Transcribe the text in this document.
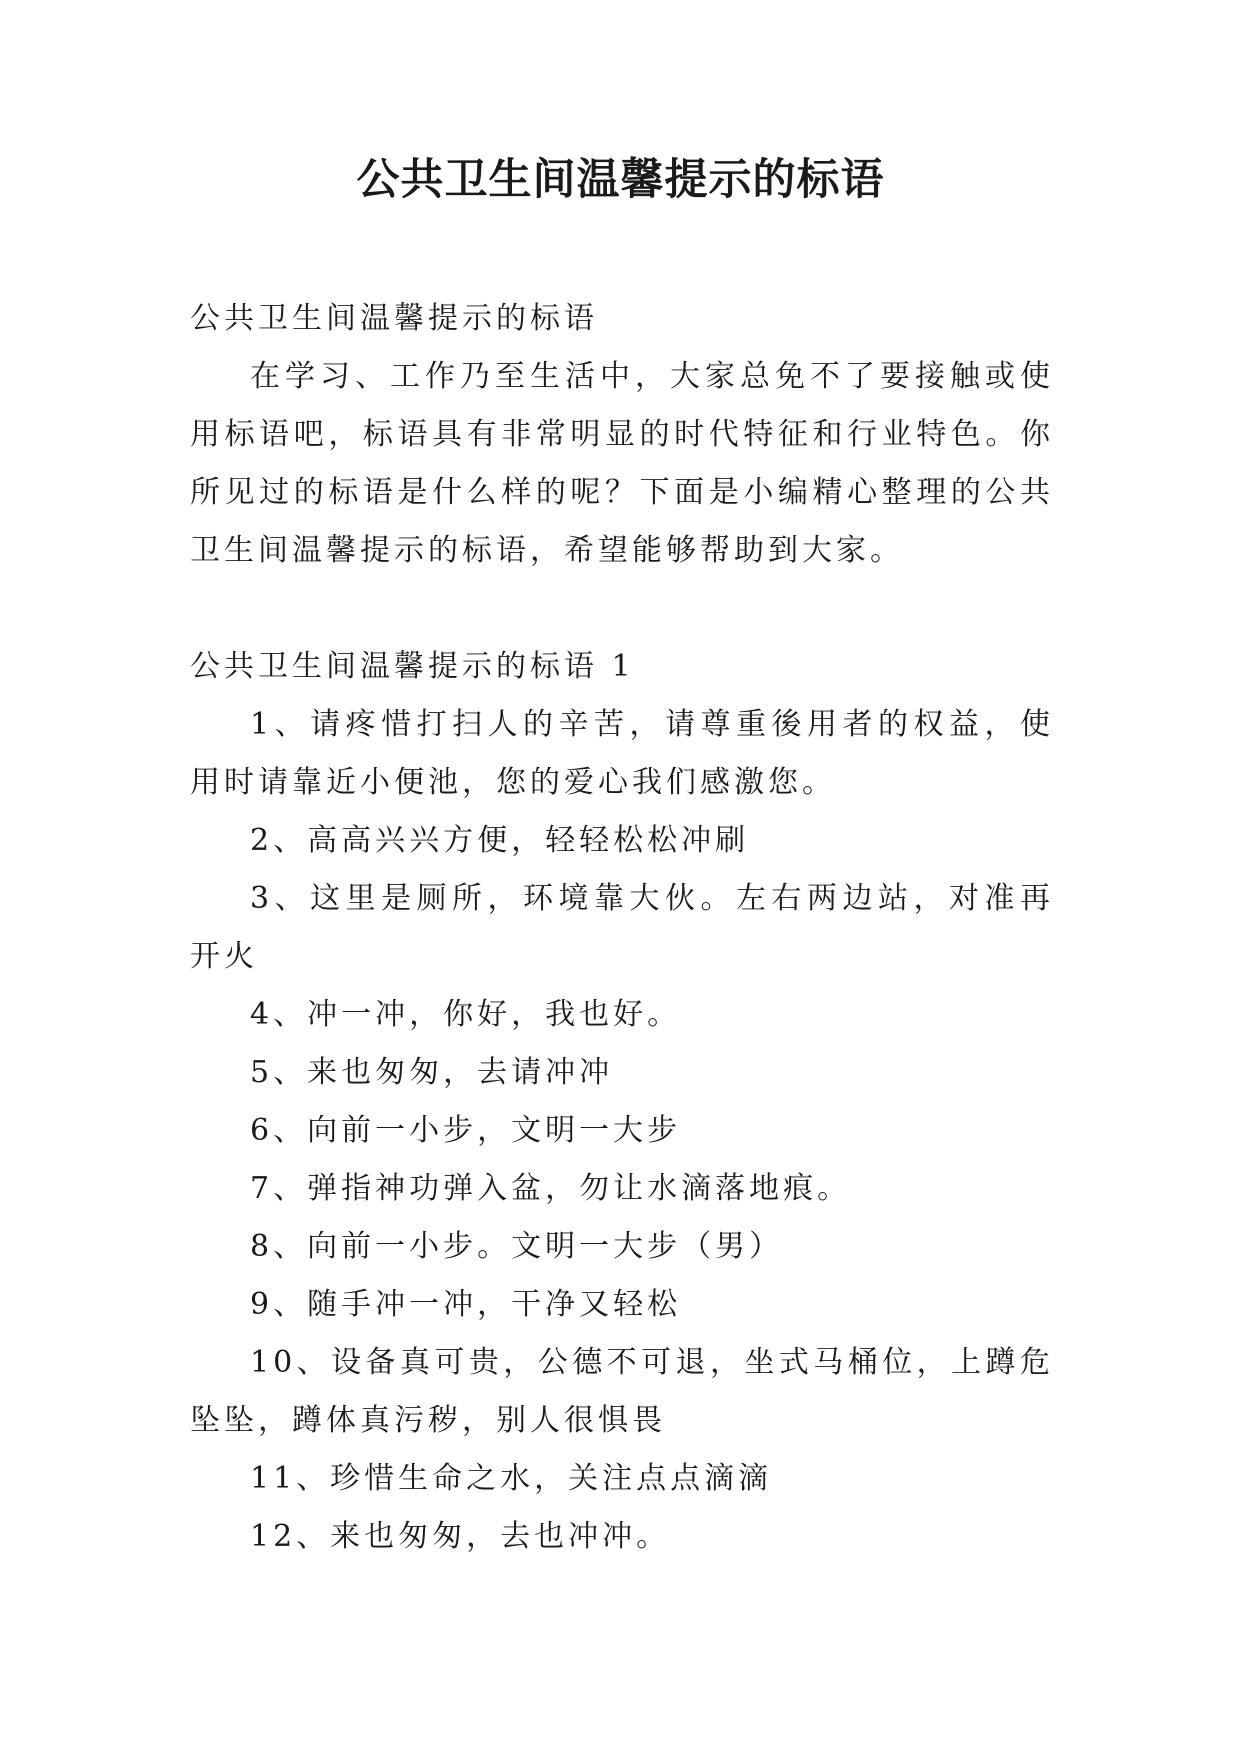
公共卫生间温馨提示的标语

公共卫生间温馨提示的标语

在学习、工作乃至生活中，大家总免不了要接触或使用标语吧，标语具有非常明显的时代特征和行业特色。你所见过的标语是什么样的呢？下面是小编精心整理的公共卫生间温馨提示的标语，希望能够帮助到大家。

公共卫生间温馨提示的标语 1

1、请疼惜打扫人的辛苦，请尊重後用者的权益，使用时请靠近小便池，您的爱心我们感激您。

2、高高兴兴方便，轻轻松松冲刷

3、这里是厕所，环境靠大伙。左右两边站，对准再开火

4、冲一冲，你好，我也好。

5、来也匆匆，去请冲冲

6、向前一小步，文明一大步

7、弹指神功弹入盆，勿让水滴落地痕。

8、向前一小步。文明一大步（男）

9、随手冲一冲，干净又轻松

10、设备真可贵，公德不可退，坐式马桶位，上蹲危坠坠，蹲体真污秽，别人很惧畏

11、珍惜生命之水，关注点点滴滴

12、来也匆匆，去也冲冲。
